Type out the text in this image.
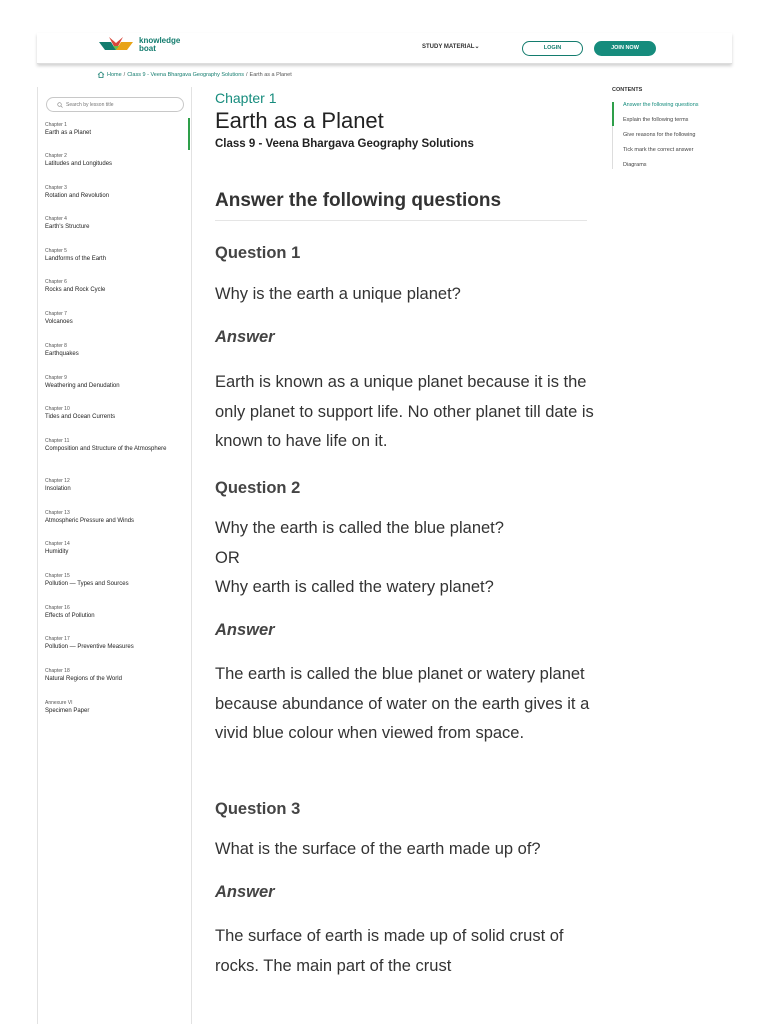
knowledge
boat	STUDY MATERIAL⌄	LOGIN	JOIN NOW
Home / Class 9 - Veena Bhargava Geography Solutions / Earth as a Planet
Search by lesson title
Chapter 1
Earth as a Planet
Chapter 2
Latitudes and Longitudes
Chapter 3
Rotation and Revolution
Chapter 4
Earth's Structure
Chapter 5
Landforms of the Earth
Chapter 6
Rocks and Rock Cycle
Chapter 7
Volcanoes
Chapter 8
Earthquakes
Chapter 9
Weathering and Denudation
Chapter 10
Tides and Ocean Currents
Chapter 11
Composition and Structure of the Atmosphere
Chapter 12
Insolation
Chapter 13
Atmospheric Pressure and Winds
Chapter 14
Humidity
Chapter 15
Pollution — Types and Sources
Chapter 16
Effects of Pollution
Chapter 17
Pollution — Preventive Measures
Chapter 18
Natural Regions of the World
Annexure VI
Specimen Paper
Chapter 1
Earth as a Planet
Class 9 - Veena Bhargava Geography Solutions
Answer the following questions
Question 1
Why is the earth a unique planet?
Answer
Earth is known as a unique planet because it is the only planet to support life. No other planet till date is known to have life on it.
Question 2
Why the earth is called the blue planet?
OR
Why earth is called the watery planet?
Answer
The earth is called the blue planet or watery planet because abundance of water on the earth gives it a vivid blue colour when viewed from space.
Question 3
What is the surface of the earth made up of?
Answer
The surface of earth is made up of solid crust of rocks. The main part of the crust
CONTENTS
Answer the following questions
Explain the following terms
Give reasons for the following
Tick mark the correct answer
Diagrams
